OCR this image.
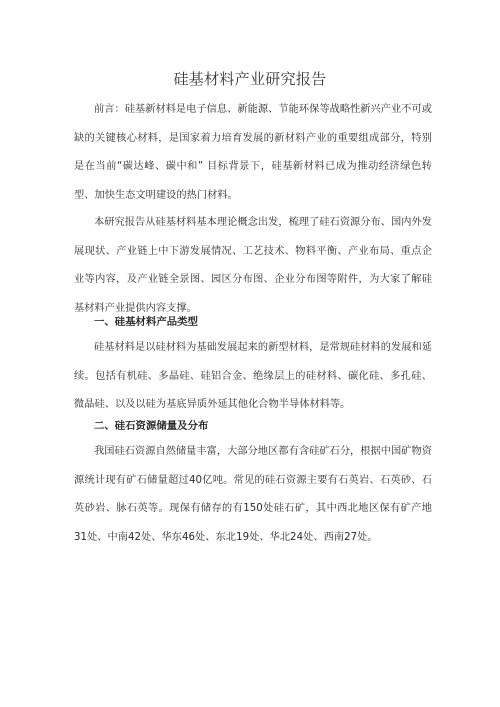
硅基材料产业研究报告
前言：硅基新材料是电子信息、新能源、节能环保等战略性新兴产业不可或缺的关键核心材料，是国家着力培育发展的新材料产业的重要组成部分，特别是在当前“碳达峰、碳中和” 目标背景下，硅基新材料已成为推动经济绿色转型、加快生态文明建设的热门材料。
本研究报告从硅基材料基本理论概念出发，梳理了硅石资源分布、国内外发展现状、产业链上中下游发展情况、工艺技术、物料平衡、产业布局、重点企业等内容，及产业链全景图、园区分布图、企业分布图等附件，为大家了解硅基材料产业提供内容支撑。
一、硅基材料产品类型
硅基材料是以硅材料为基础发展起来的新型材料，是常规硅材料的发展和延续。包括有机硅、多晶硅、硅铝合金、绝缘层上的硅材料、碳化硅、多孔硅、微晶硅、以及以硅为基底异质外延其他化合物半导体材料等。
二、硅石资源储量及分布
我国硅石资源自然储量丰富，大部分地区都有含硅矿石分，根据中国矿物资源统计现有矿石储量超过40亿吨。常见的硅石资源主要有石英岩、石英砂、石英砂岩、脉石英等。现保有储存的有150处硅石矿，其中西北地区保有矿产地31处、中南42处、华东46处、东北19处、华北24处、西南27处。
